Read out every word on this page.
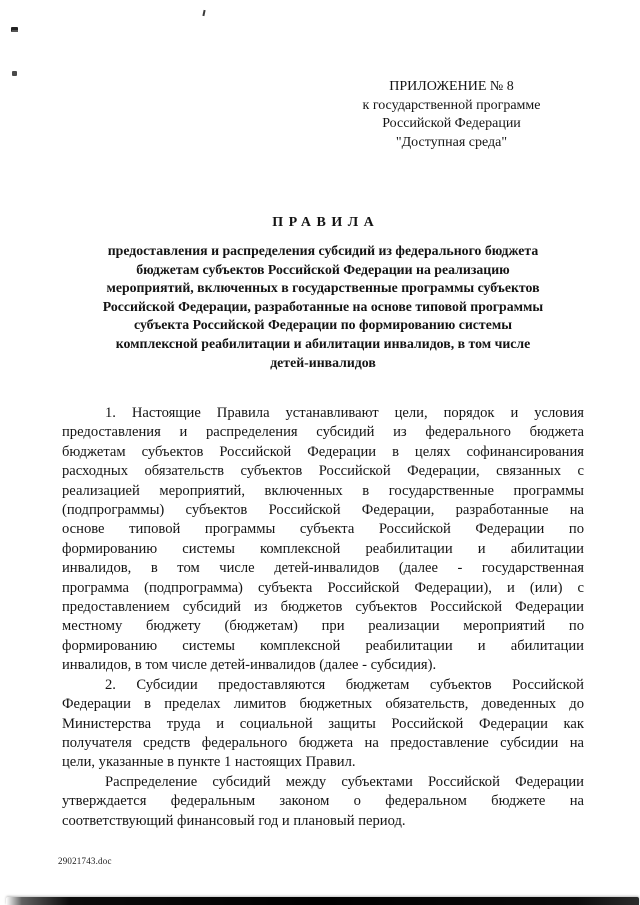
ПРИЛОЖЕНИЕ № 8
к государственной программе
Российской Федерации
"Доступная среда"
ПРАВИЛА
предоставления и распределения субсидий из федерального бюджета
бюджетам субъектов Российской Федерации на реализацию
мероприятий, включенных в государственные программы субъектов
Российской Федерации, разработанные на основе типовой программы
субъекта Российской Федерации по формированию системы
комплексной реабилитации и абилитации инвалидов, в том числе
детей-инвалидов
1. Настоящие Правила устанавливают цели, порядок и условия
предоставления и распределения субсидий из федерального бюджета
бюджетам субъектов Российской Федерации в целях софинансирования
расходных обязательств субъектов Российской Федерации, связанных с
реализацией мероприятий, включенных в государственные программы
(подпрограммы) субъектов Российской Федерации, разработанные на
основе типовой программы субъекта Российской Федерации по
формированию системы комплексной реабилитации и абилитации
инвалидов, в том числе детей-инвалидов (далее - государственная
программа (подпрограмма) субъекта Российской Федерации), и (или) с
предоставлением субсидий из бюджетов субъектов Российской Федерации
местному бюджету (бюджетам) при реализации мероприятий по
формированию системы комплексной реабилитации и абилитации
инвалидов, в том числе детей-инвалидов (далее - субсидия).
2. Субсидии предоставляются бюджетам субъектов Российской
Федерации в пределах лимитов бюджетных обязательств, доведенных до
Министерства труда и социальной защиты Российской Федерации как
получателя средств федерального бюджета на предоставление субсидии на
цели, указанные в пункте 1 настоящих Правил.
Распределение субсидий между субъектами Российской Федерации
утверждается федеральным законом о федеральном бюджете на
соответствующий финансовый год и плановый период.
29021743.doc
